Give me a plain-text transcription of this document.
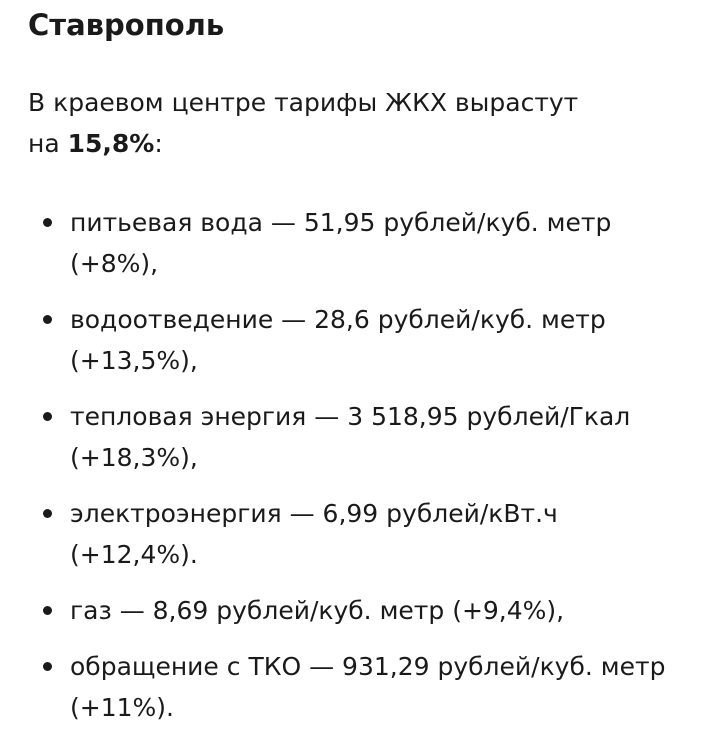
Ставрополь

В краевом центре тарифы ЖКХ вырастут
на 15,8%:

питьевая вода — 51,95 рублей/куб. метр
(+8%),
водоотведение — 28,6 рублей/куб. метр
(+13,5%),
тепловая энергия — 3 518,95 рублей/Гкал
(+18,3%),
электроэнергия — 6,99 рублей/кВт.ч
(+12,4%).
газ — 8,69 рублей/куб. метр (+9,4%),
обращение с ТКО — 931,29 рублей/куб. метр
(+11%).
